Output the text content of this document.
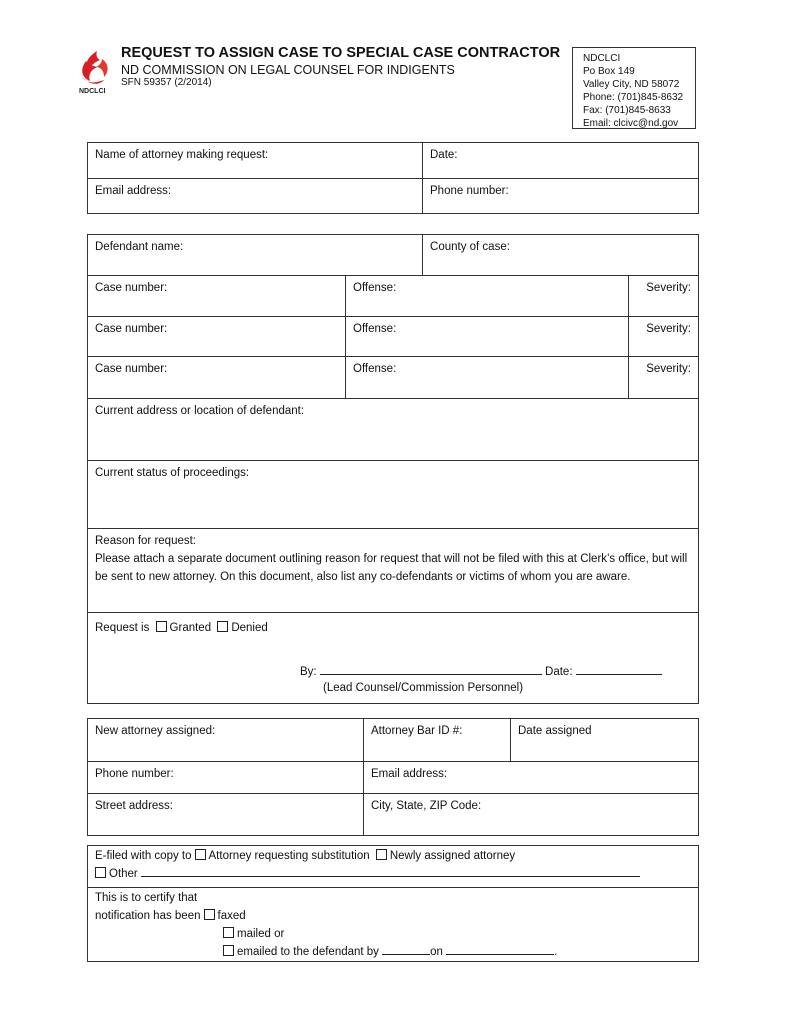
NDCLCI
REQUEST TO ASSIGN CASE TO SPECIAL CASE CONTRACTOR
ND COMMISSION ON LEGAL COUNSEL FOR INDIGENTS
SFN 59357 (2/2014)
NDCLCI
Po Box 149
Valley City, ND 58072
Phone: (701)845-8632
Fax: (701)845-8633
Email: clcivc@nd.gov
Name of attorney making request:	Date:
Email address:	Phone number:
Defendant name:		County of case:	
Case number:	Offense:		Severity:
Case number:	Offense:		Severity:
Case number:	Offense:		Severity:
Current address or location of defendant:			
Current status of proceedings:			

Reason for request:
Please attach a separate document outlining reason for request that will not be filed with this at Clerk’s office, but will be sent to new attorney. On this document, also list any co-defendants or victims of whom you are aware.			

Request is Granted Denied
By: Date:
(Lead Counsel/Commission Personnel)			
New attorney assigned:	Attorney Bar ID #:	Date assigned
Phone number:	Email address:	
Street address:	City, State, ZIP Code:	
E-filed with copy to Attorney requesting substitution Newly assigned attorney
Other

This is to certify that
notification has been faxed
mailed or
emailed to the defendant by	on	.
